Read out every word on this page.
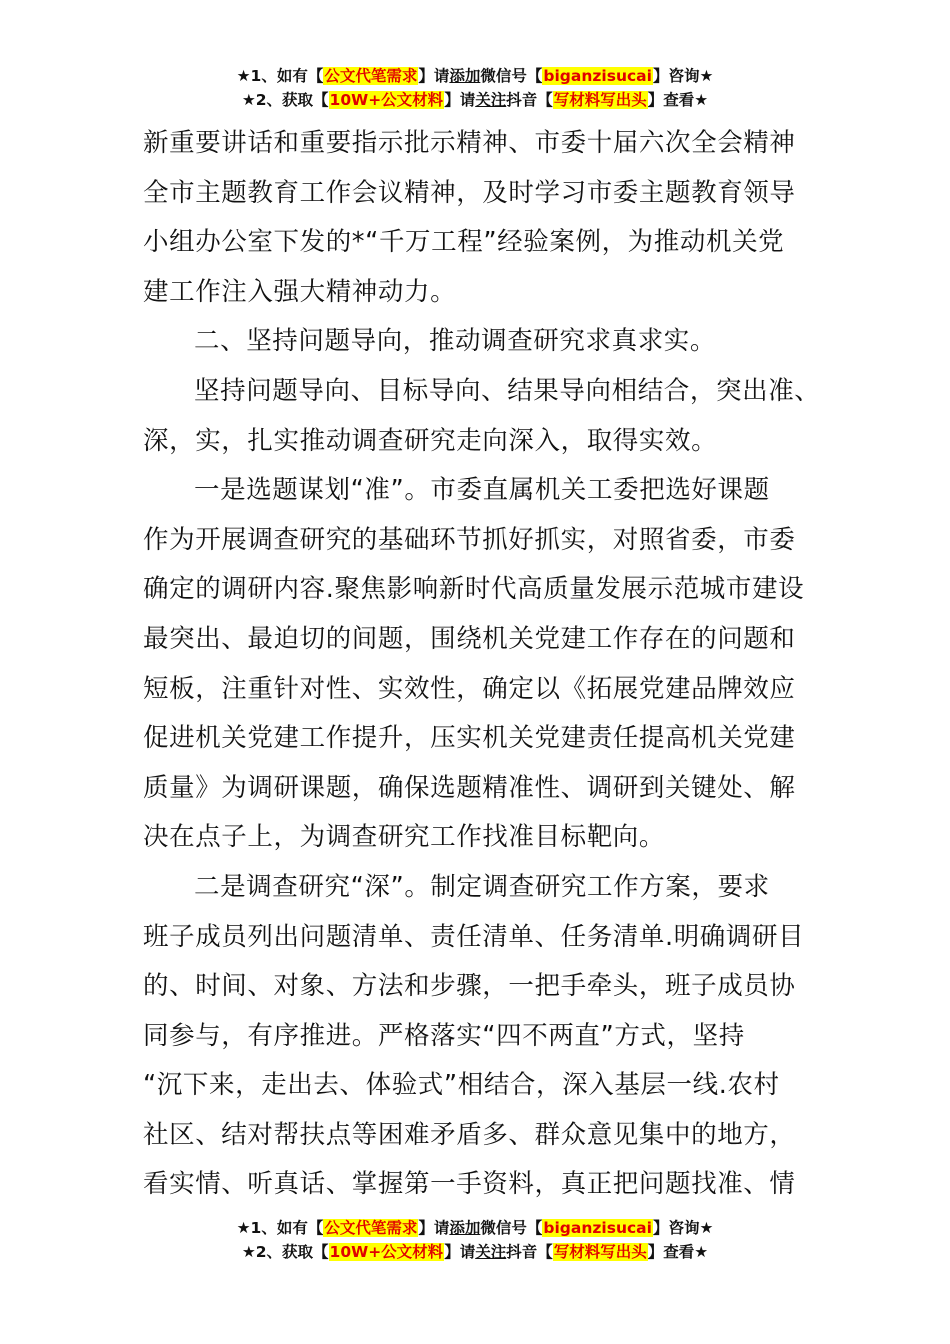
★1、如有【公文代笔需求】请添加微信号【biganzisucai】咨询★
★2、获取【10W+公文材料】请关注抖音【写材料写出头】查看★
新重要讲话和重要指示批示精神、市委十届六次全会精神
全市主题教育工作会议精神，及时学习市委主题教育领导
小组办公室下发的*“千万工程”经验案例，为推动机关党
建工作注入强大精神动力。
二、坚持问题导向，推动调查研究求真求实。
坚持问题导向、目标导向、结果导向相结合，突出准、
深，实，扎实推动调查研究走向深入，取得实效。
一是选题谋划“准”。市委直属机关工委把选好课题
作为开展调查研究的基础环节抓好抓实，对照省委，市委
确定的调研内容.聚焦影响新时代高质量发展示范城市建设
最突出、最迫切的间题，围绕机关党建工作存在的问题和
短板，注重针对性、实效性，确定以《拓展党建品牌效应
促进机关党建工作提升，压实机关党建责任提高机关党建
质量》为调研课题，确保选题精准性、调研到关键处、解
决在点子上，为调查研究工作找准目标靶向。
二是调查研究“深”。制定调查研究工作方案，要求
班子成员列出问题清单、责任清单、任务清单.明确调研目
的、时间、对象、方法和步骤，一把手牵头，班子成员协
同参与，有序推进。严格落实“四不两直”方式，坚持
“沉下来，走出去、体验式”相结合，深入基层一线.农村
社区、结对帮扶点等困难矛盾多、群众意见集中的地方，
看实情、听真话、掌握第一手资料，真正把问题找准、情
★1、如有【公文代笔需求】请添加微信号【biganzisucai】咨询★
★2、获取【10W+公文材料】请关注抖音【写材料写出头】查看★
